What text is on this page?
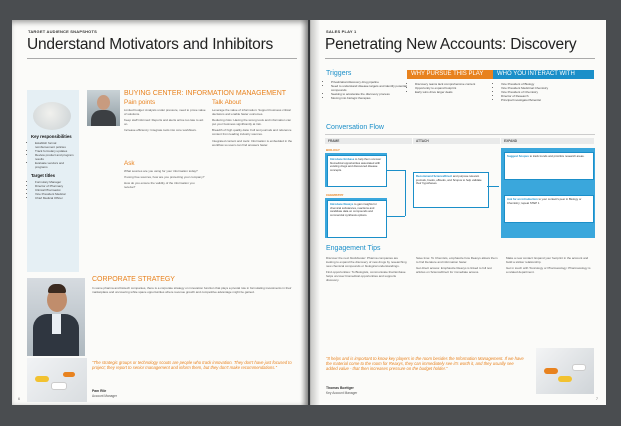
TARGET AUDIENCE SNAPSHOTS
Understand Motivators and Inhibitors
Key responsibilities
• Establish formal reimbursement policies
• Track formulary updates
• Review product and program results
• Evaluate vendors and programs
Target titles
• Formulary Manager
• Director of Pharmacy
• Clinical Pharmacist
• Vice President Medical
• Chief Medical Officer
BUYING CENTER: INFORMATION MANAGEMENT
Pain points

Limited budget: Analysts under pressure, need to prove value of solutions.

Keep staff informed: Reports and alerts arrive too late to act on.

Increase efficiency: Integrate tools into core workflows.

Ask

What sources are you using for your information today?

If using free sources, how are you protecting your company?

How do you ensure the validity of the information you receive?

Talk About

Leverage the value of information: Support business critical decisions and enable faster outcomes.

Reducing risks: Having the wrong tools and information can put your business significantly at risk.

Breadth of high quality data: Full text journals and reference content from leading industry sources.

Integrated content and tools: Information is embedded in the workflow so users can find answers faster.

CORPORATE STRATEGY

In some pharma and biotech companies, there is a corporate strategy on innovation function that plays a pivotal role in formulating investments in their marketplace and uncovering white space opportunities where revenue growth and competitive advantage might be gained.

"The strategic groups or technology scouts are people who track innovation. They don't have just focused to project; they report to senior management and inform them, but they don't make recommendations."
Pam Rile
Account Manager
6
SALES PLAY 1
Penetrating New Accounts: Discovery
Triggers
• Privatization/discovery drug pipeline
• Need to understand disease targets and identify potential compounds
• Seeking to accelerate the discovery process
• Moving into biologic therapies
WHY PURSUE THIS PLAY
• Discovery teams lack comprehensive content
• Opportunity to expand footprint
• Early wins drive larger deals
WHO YOU INTERACT WITH
• Vice President of Biology
• Vice President Medicinal Chemistry
• Vice President of Chemistry
• Director of Research
• Principal Investigator/Scientist
Conversation Flow
FRAME	ATTACH	EXPAND
BIOLOGY
Introduce Embase to help them uncover biomedical opportunities associated with existing drugs and discovered disease concepts.
CHEMISTRY
Introduce Reaxys to gain insights for chemical substances, reactions and candidate data on compounds and commercial synthesis options.
Recommend ScienceDirect and purpose relevant journals, books, eBooks, and Scopus to help validate their hypotheses.
Suggest Scopus to track trends and prioritize research areas.
Ask for an introduction to your contact's peer in Biology or Chemistry; repeat STEP 1
Engagement Tips

Discover the next blockbuster: Pharma companies are looking to expand the discovery of new drugs by researching new chemical compounds or biological understandings.

Find opportunities: To Biologists, communicate that Embase helps uncover biomedical opportunities and supports discovery.

Save time: To Chemists, emphasize how Reaxys allows them to find literature and information faster.

Get direct access: Emphasize Reaxys is linked to full text articles on ScienceDirect for immediate access.

Make a new contact: Expand your footprint in the account and build a sticker relationship.

Get in touch with Toxicology or Pharmacology: Pharmacology is a related department.

"It helps and is important to know key players in the room besides the Information Management. If we have the material come to the room for Reaxys, they can immediately see it's worth it, and they usually see added value - that then increases pressure on the budget holder."
Thomas Boettger
Key Account Manager
7
